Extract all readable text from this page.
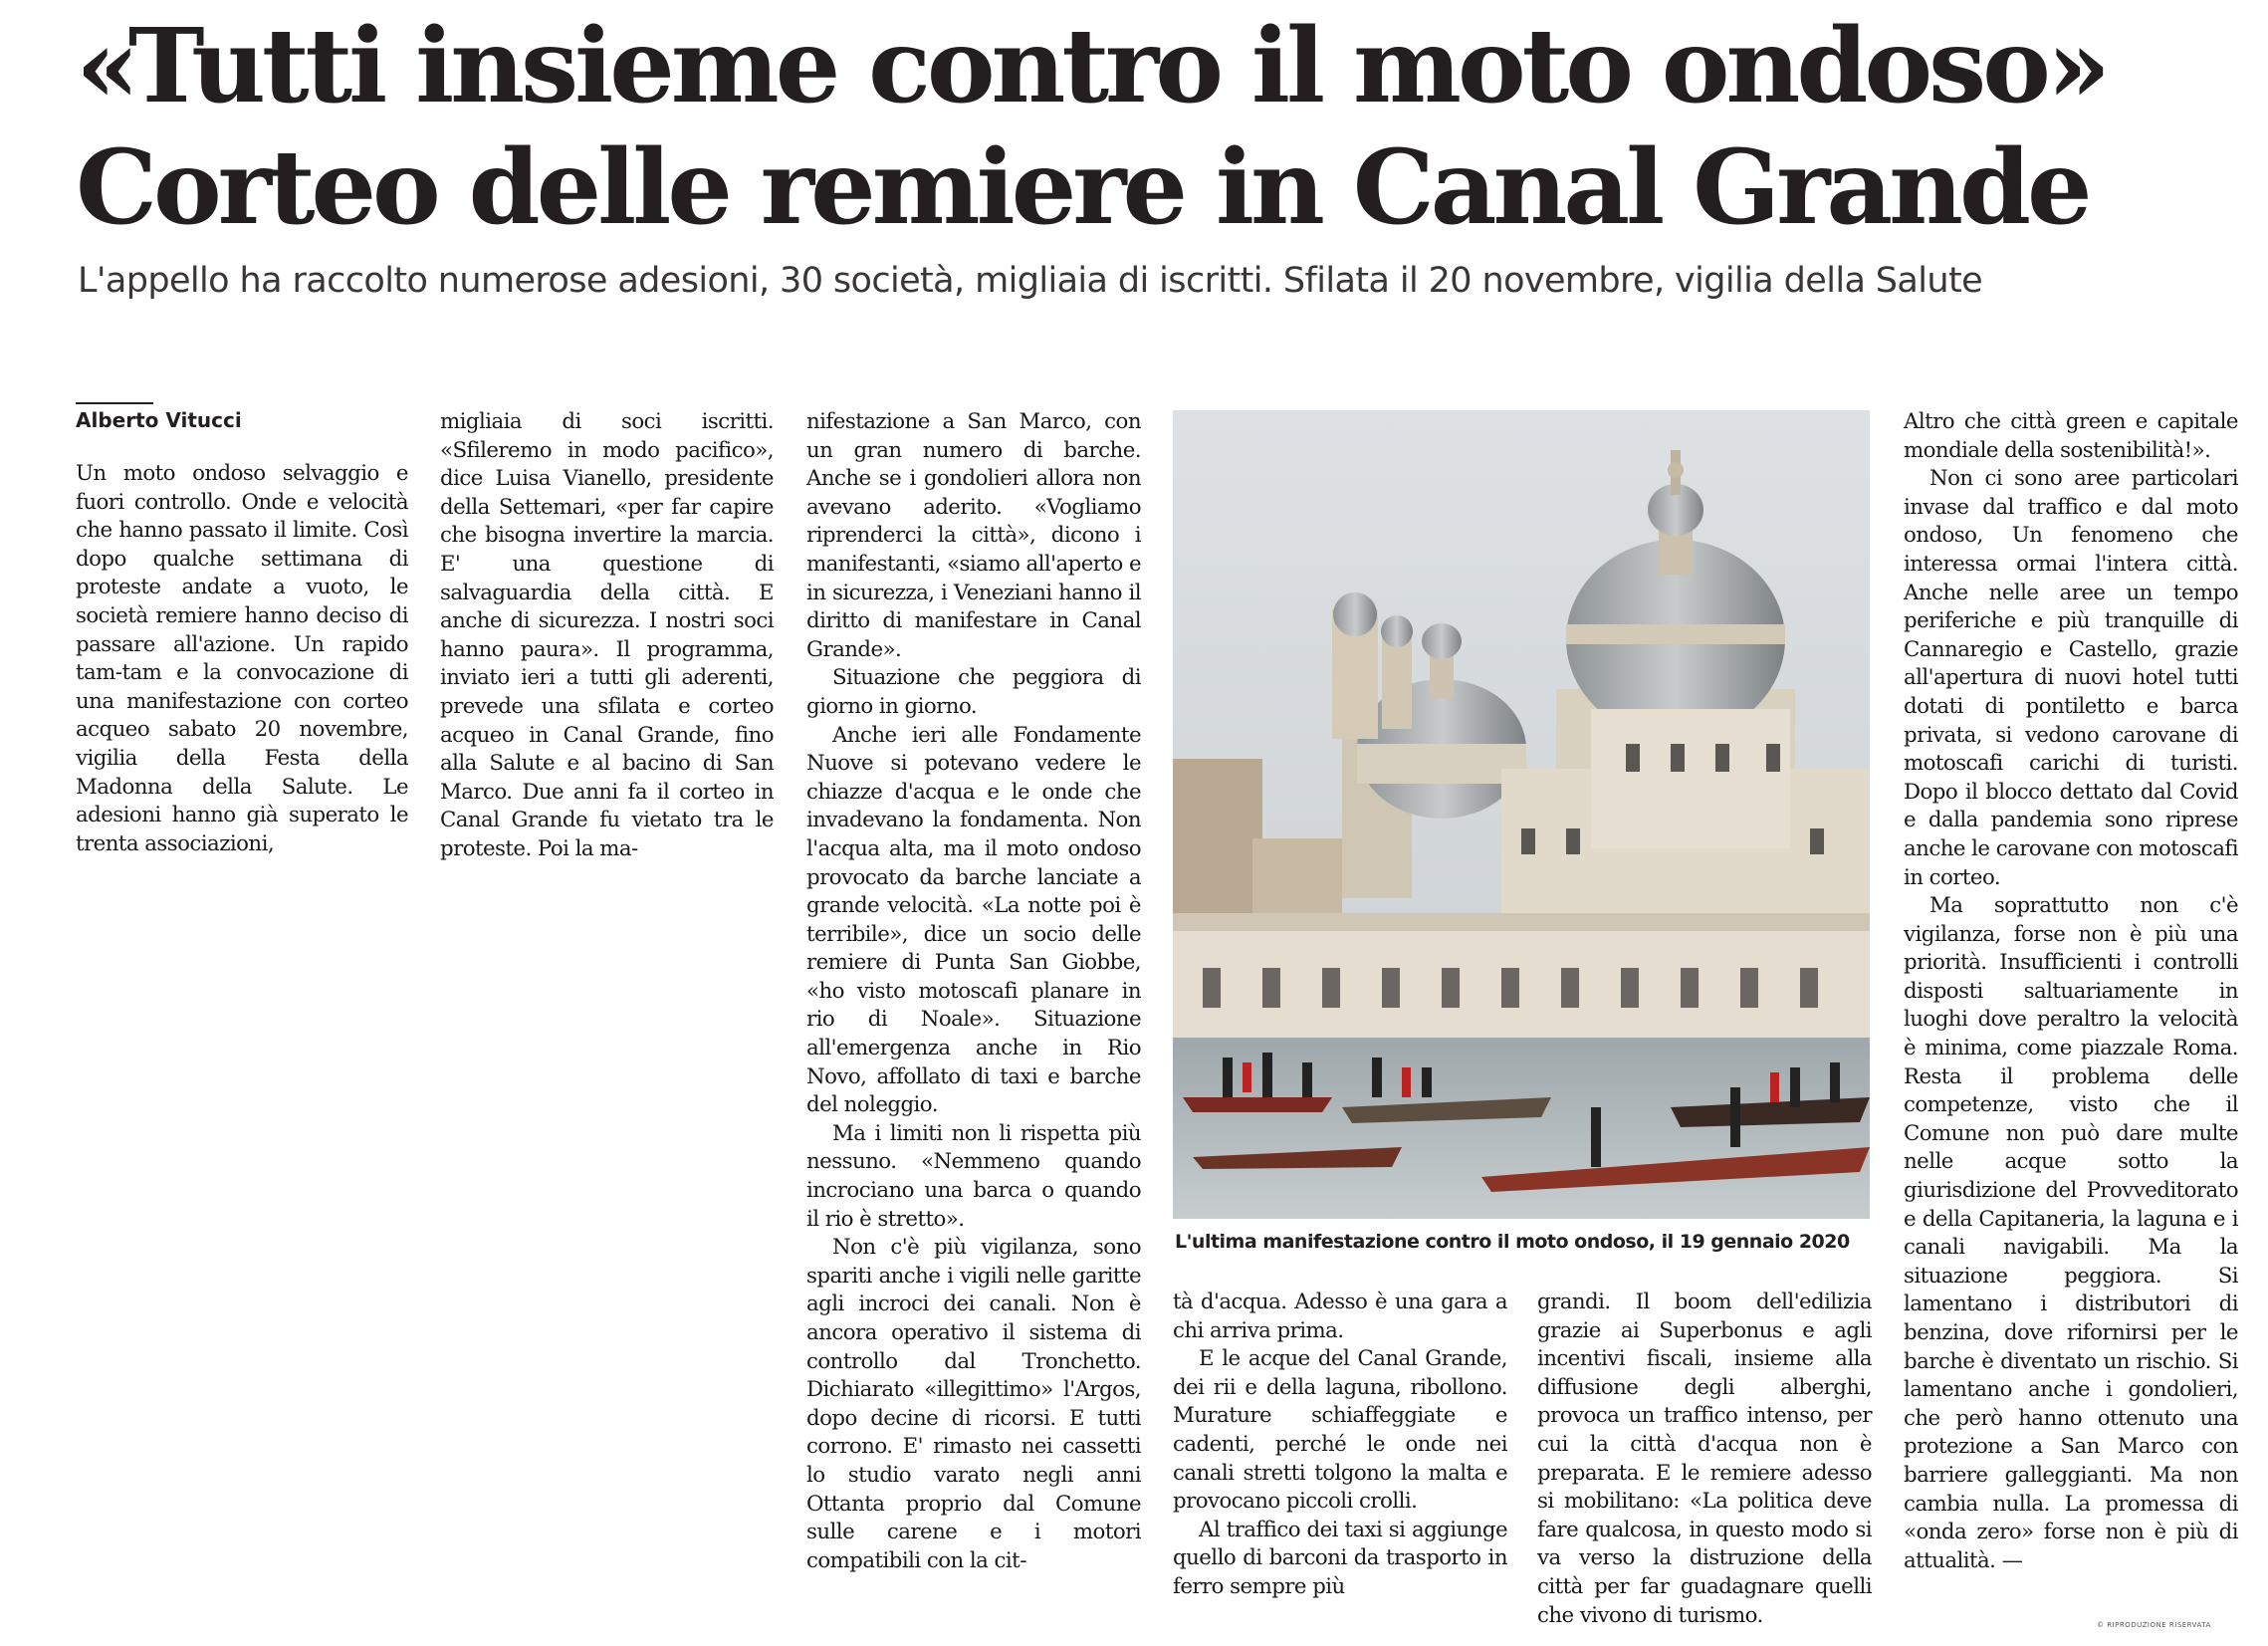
«Tutti insieme contro il moto ondoso»
Corteo delle remiere in Canal Grande

L'appello ha raccolto numerose adesioni, 30 società, migliaia di iscritti. Sfilata il 20 novembre, vigilia della Salute

Alberto Vitucci

Un moto ondoso selvaggio e fuori controllo. Onde e velocità che hanno passato il limite. Così dopo qualche settimana di proteste andate a vuoto, le società remiere hanno deciso di passare all'azione. Un rapido tam-tam e la convocazione di una manifestazione con corteo acqueo sabato 20 novembre, vigilia della Festa della Madonna della Salute. Le adesioni hanno già superato le trenta associazioni,

migliaia di soci iscritti. «Sfileremo in modo pacifico», dice Luisa Vianello, presidente della Settemari, «per far capire che bisogna invertire la marcia. E' una questione di salvaguardia della città. E anche di sicurezza. I nostri soci hanno paura». Il programma, inviato ieri a tutti gli aderenti, prevede una sfilata e corteo acqueo in Canal Grande, fino alla Salute e al bacino di San Marco. Due anni fa il corteo in Canal Grande fu vietato tra le proteste. Poi la ma-

nifestazione a San Marco, con un gran numero di barche. Anche se i gondolieri allora non avevano aderito. «Vogliamo riprenderci la città», dicono i manifestanti, «siamo all'aperto e in sicurezza, i Veneziani hanno il diritto di manifestare in Canal Grande».

Situazione che peggiora di giorno in giorno.

Anche ieri alle Fondamente Nuove si potevano vedere le chiazze d'acqua e le onde che invadevano la fondamenta. Non l'acqua alta, ma il moto ondoso provocato da barche lanciate a grande velocità. «La notte poi è terribile», dice un socio delle remiere di Punta San Giobbe, «ho visto motoscafi planare in rio di Noale». Situazione all'emergenza anche in Rio Novo, affollato di taxi e barche del noleggio.

Ma i limiti non li rispetta più nessuno. «Nemmeno quando incrociano una barca o quando il rio è stretto».

Non c'è più vigilanza, sono spariti anche i vigili nelle garitte agli incroci dei canali. Non è ancora operativo il sistema di controllo dal Tronchetto. Dichiarato «illegittimo» l'Argos, dopo decine di ricorsi. E tutti corrono. E' rimasto nei cassetti lo studio varato negli anni Ottanta proprio dal Comune sulle carene e i motori compatibili con la cit-

L'ultima manifestazione contro il moto ondoso, il 19 gennaio 2020

tà d'acqua. Adesso è una gara a chi arriva prima.

E le acque del Canal Grande, dei rii e della laguna, ribollono. Murature schiaffeggiate e cadenti, perché le onde nei canali stretti tolgono la malta e provocano piccoli crolli.

Al traffico dei taxi si aggiunge quello di barconi da trasporto in ferro sempre più

grandi. Il boom dell'edilizia grazie ai Superbonus e agli incentivi fiscali, insieme alla diffusione degli alberghi, provoca un traffico intenso, per cui la città d'acqua non è preparata. E le remiere adesso si mobilitano: «La politica deve fare qualcosa, in questo modo si va verso la distruzione della città per far guadagnare quelli che vivono di turismo.

Altro che città green e capitale mondiale della sostenibilità!».

Non ci sono aree particolari invase dal traffico e dal moto ondoso, Un fenomeno che interessa ormai l'intera città. Anche nelle aree un tempo periferiche e più tranquille di Cannaregio e Castello, grazie all'apertura di nuovi hotel tutti dotati di pontiletto e barca privata, si vedono carovane di motoscafi carichi di turisti. Dopo il blocco dettato dal Covid e dalla pandemia sono riprese anche le carovane con motoscafi in corteo.

Ma soprattutto non c'è vigilanza, forse non è più una priorità. Insufficienti i controlli disposti saltuariamente in luoghi dove peraltro la velocità è minima, come piazzale Roma. Resta il problema delle competenze, visto che il Comune non può dare multe nelle acque sotto la giurisdizione del Provveditorato e della Capitaneria, la laguna e i canali navigabili. Ma la situazione peggiora. Si lamentano i distributori di benzina, dove rifornirsi per le barche è diventato un rischio. Si lamentano anche i gondolieri, che però hanno ottenuto una protezione a San Marco con barriere galleggianti. Ma non cambia nulla. La promessa di «onda zero» forse non è più di attualità. —

© RIPRODUZIONE RISERVATA
